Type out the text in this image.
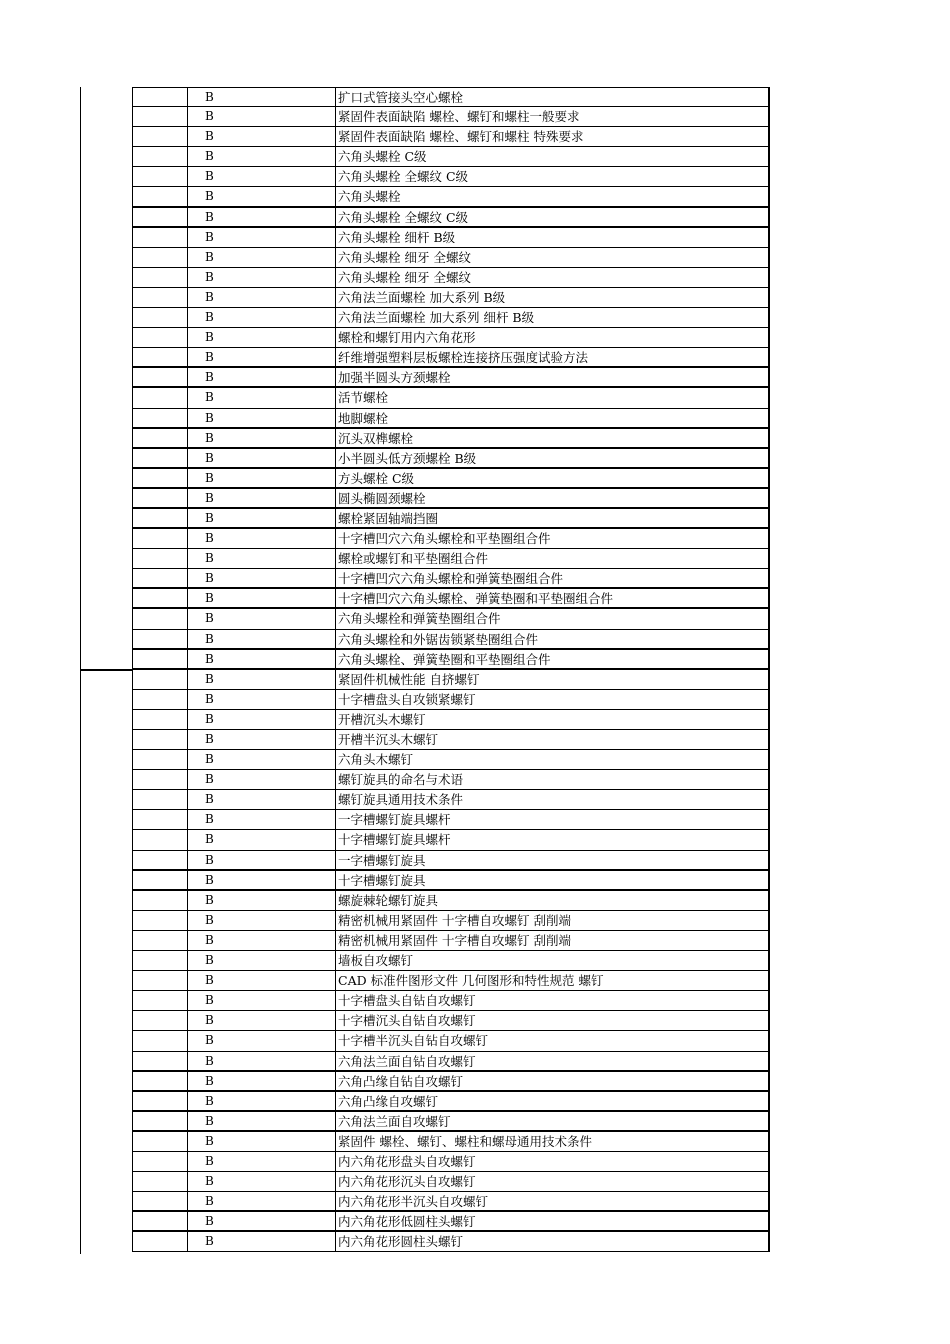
B	扩口式管接头空心螺栓
B	紧固件表面缺陷 螺栓、螺钉和螺柱一般要求
B	紧固件表面缺陷 螺栓、螺钉和螺柱 特殊要求
B	六角头螺栓 C级
B	六角头螺栓 全螺纹 C级
B	六角头螺栓
B	六角头螺栓 全螺纹 C级
B	六角头螺栓 细杆 B级
B	六角头螺栓 细牙 全螺纹
B	六角头螺栓 细牙 全螺纹
B	六角法兰面螺栓 加大系列 B级
B	六角法兰面螺栓 加大系列 细杆 B级
B	螺栓和螺钉用内六角花形
B	纤维增强塑料层板螺栓连接挤压强度试验方法
B	加强半圆头方颈螺栓
B	活节螺栓
B	地脚螺栓
B	沉头双榫螺栓
B	小半圆头低方颈螺栓 B级
B	方头螺栓 C级
B	圆头椭圆颈螺栓
B	螺栓紧固轴端挡圈
B	十字槽凹穴六角头螺栓和平垫圈组合件
B	螺栓或螺钉和平垫圈组合件
B	十字槽凹穴六角头螺栓和弹簧垫圈组合件
B	十字槽凹穴六角头螺栓、弹簧垫圈和平垫圈组合件
B	六角头螺栓和弹簧垫圈组合件
B	六角头螺栓和外锯齿锁紧垫圈组合件
B	六角头螺栓、弹簧垫圈和平垫圈组合件
B	紧固件机械性能 自挤螺钉
B	十字槽盘头自攻锁紧螺钉
B	开槽沉头木螺钉
B	开槽半沉头木螺钉
B	六角头木螺钉
B	螺钉旋具的命名与术语
B	螺钉旋具通用技术条件
B	一字槽螺钉旋具螺杆
B	十字槽螺钉旋具螺杆
B	一字槽螺钉旋具
B	十字槽螺钉旋具
B	螺旋棘轮螺钉旋具
B	精密机械用紧固件 十字槽自攻螺钉 刮削端
B	精密机械用紧固件 十字槽自攻螺钉 刮削端
B	墙板自攻螺钉
B	CAD 标准件图形文件 几何图形和特性规范 螺钉
B	十字槽盘头自钻自攻螺钉
B	十字槽沉头自钻自攻螺钉
B	十字槽半沉头自钻自攻螺钉
B	六角法兰面自钻自攻螺钉
B	六角凸缘自钻自攻螺钉
B	六角凸缘自攻螺钉
B	六角法兰面自攻螺钉
B	紧固件 螺栓、螺钉、螺柱和螺母通用技术条件
B	内六角花形盘头自攻螺钉
B	内六角花形沉头自攻螺钉
B	内六角花形半沉头自攻螺钉
B	内六角花形低圆柱头螺钉
B	内六角花形圆柱头螺钉
